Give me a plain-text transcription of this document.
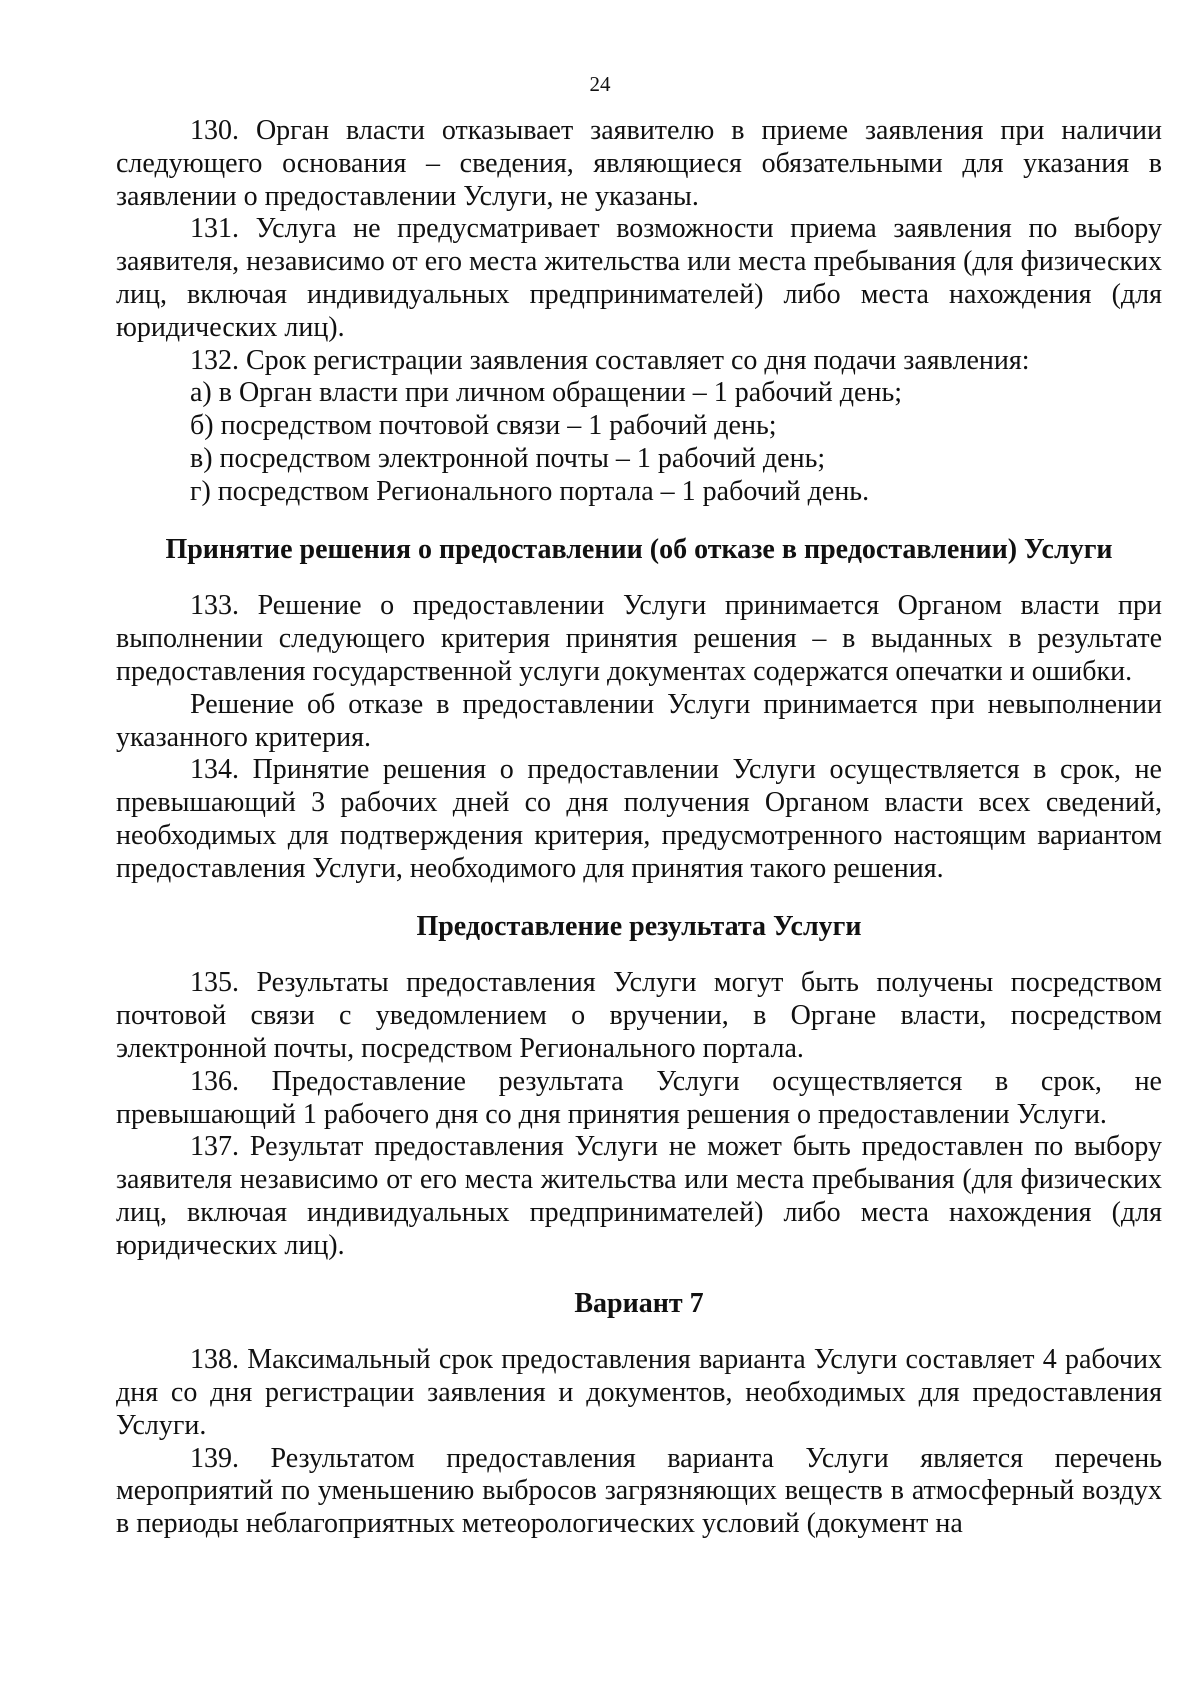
24

130. Орган власти отказывает заявителю в приеме заявления при наличии следующего основания – сведения, являющиеся обязательными для указания в заявлении о предоставлении Услуги, не указаны.

131. Услуга не предусматривает возможности приема заявления по выбору заявителя, независимо от его места жительства или места пребывания (для физических лиц, включая индивидуальных предпринимателей) либо места нахождения (для юридических лиц).

132. Срок регистрации заявления составляет со дня подачи заявления:

а) в Орган власти при личном обращении – 1 рабочий день;

б) посредством почтовой связи – 1 рабочий день;

в) посредством электронной почты – 1 рабочий день;

г) посредством Регионального портала – 1 рабочий день.

Принятие решения о предоставлении (об отказе в предоставлении) Услуги

133. Решение о предоставлении Услуги принимается Органом власти при выполнении следующего критерия принятия решения – в выданных в результате предоставления государственной услуги документах содержатся опечатки и ошибки.

Решение об отказе в предоставлении Услуги принимается при невыполнении указанного критерия.

134. Принятие решения о предоставлении Услуги осуществляется в срок, не превышающий 3 рабочих дней со дня получения Органом власти всех сведений, необходимых для подтверждения критерия, предусмотренного настоящим вариантом предоставления Услуги, необходимого для принятия такого решения.

Предоставление результата Услуги

135. Результаты предоставления Услуги могут быть получены посредством почтовой связи с уведомлением о вручении, в Органе власти, посредством электронной почты, посредством Регионального портала.

136. Предоставление результата Услуги осуществляется в срок, не превышающий 1 рабочего дня со дня принятия решения о предоставлении Услуги.

137. Результат предоставления Услуги не может быть предоставлен по выбору заявителя независимо от его места жительства или места пребывания (для физических лиц, включая индивидуальных предпринимателей) либо места нахождения (для юридических лиц).

Вариант 7

138. Максимальный срок предоставления варианта Услуги составляет 4 рабочих дня со дня регистрации заявления и документов, необходимых для предоставления Услуги.

139. Результатом предоставления варианта Услуги является перечень мероприятий по уменьшению выбросов загрязняющих веществ в атмосферный воздух в периоды неблагоприятных метеорологических условий (документ на
